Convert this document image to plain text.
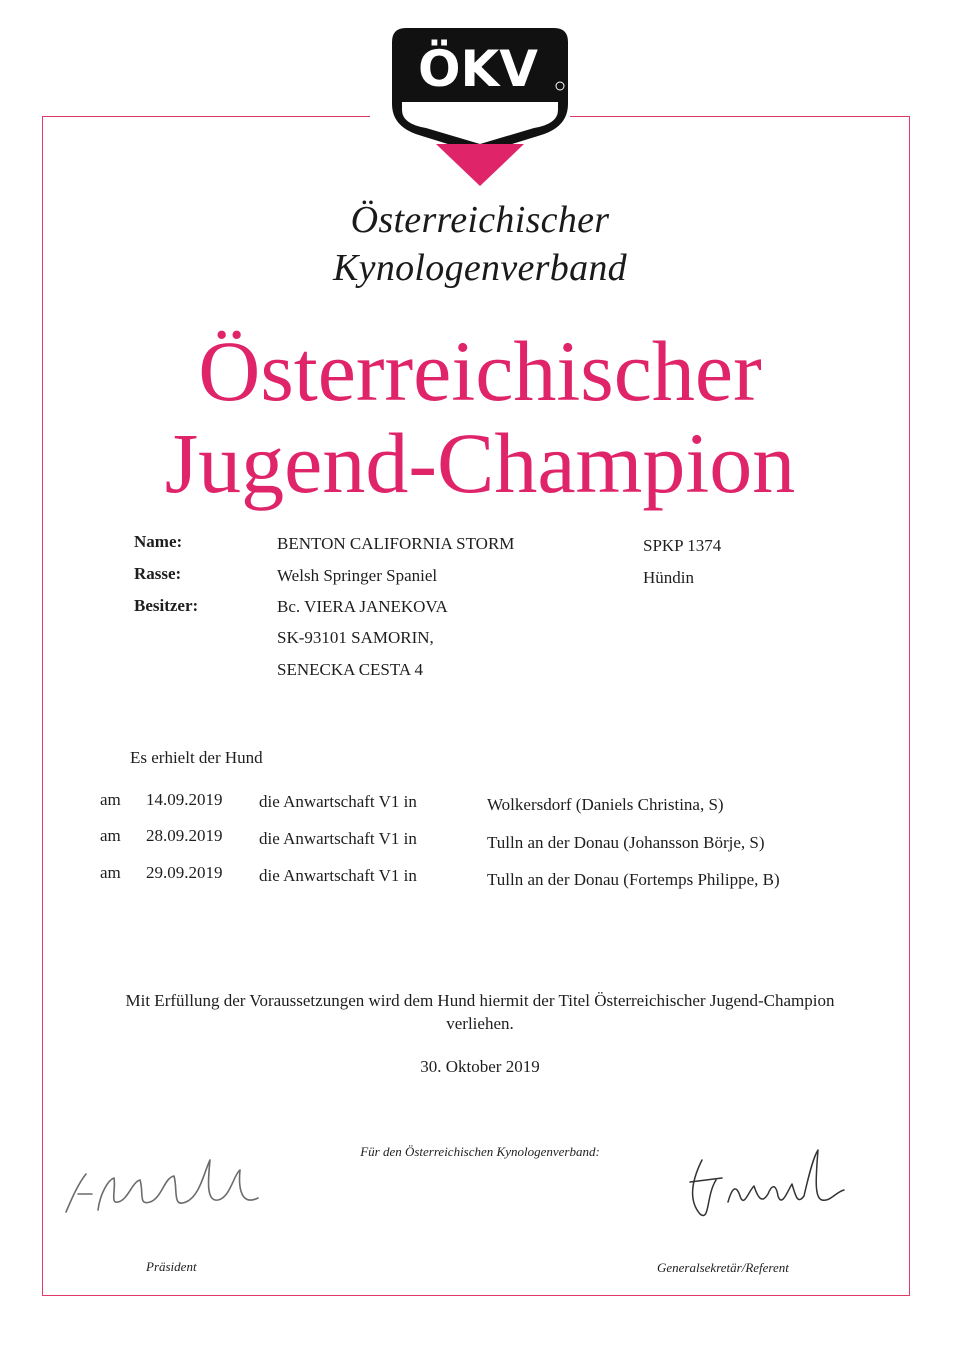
ÖKV
Österreichischer
Kynologenverband
Österreichischer
Jugend-Champion
Name:	BENTON CALIFORNIA STORM	SPKP 1374
Rasse:	Welsh Springer Spaniel	Hündin
Besitzer:	Bc. VIERA JANEKOVA
SK-93101 SAMORIN,
SENECKA CESTA 4
Es erhielt der Hund
am 14.09.2019 die Anwartschaft V1 in	Wolkersdorf (Daniels Christina, S)
am 28.09.2019 die Anwartschaft V1 in	Tulln an der Donau (Johansson Börje, S)
am 29.09.2019 die Anwartschaft V1 in	Tulln an der Donau (Fortemps Philippe, B)
Mit Erfüllung der Voraussetzungen wird dem Hund hiermit der Titel Österreichischer Jugend-Champion
verliehen.
30. Oktober 2019
Für den Österreichischen Kynologenverband:
Präsident	Generalsekretär/Referent
